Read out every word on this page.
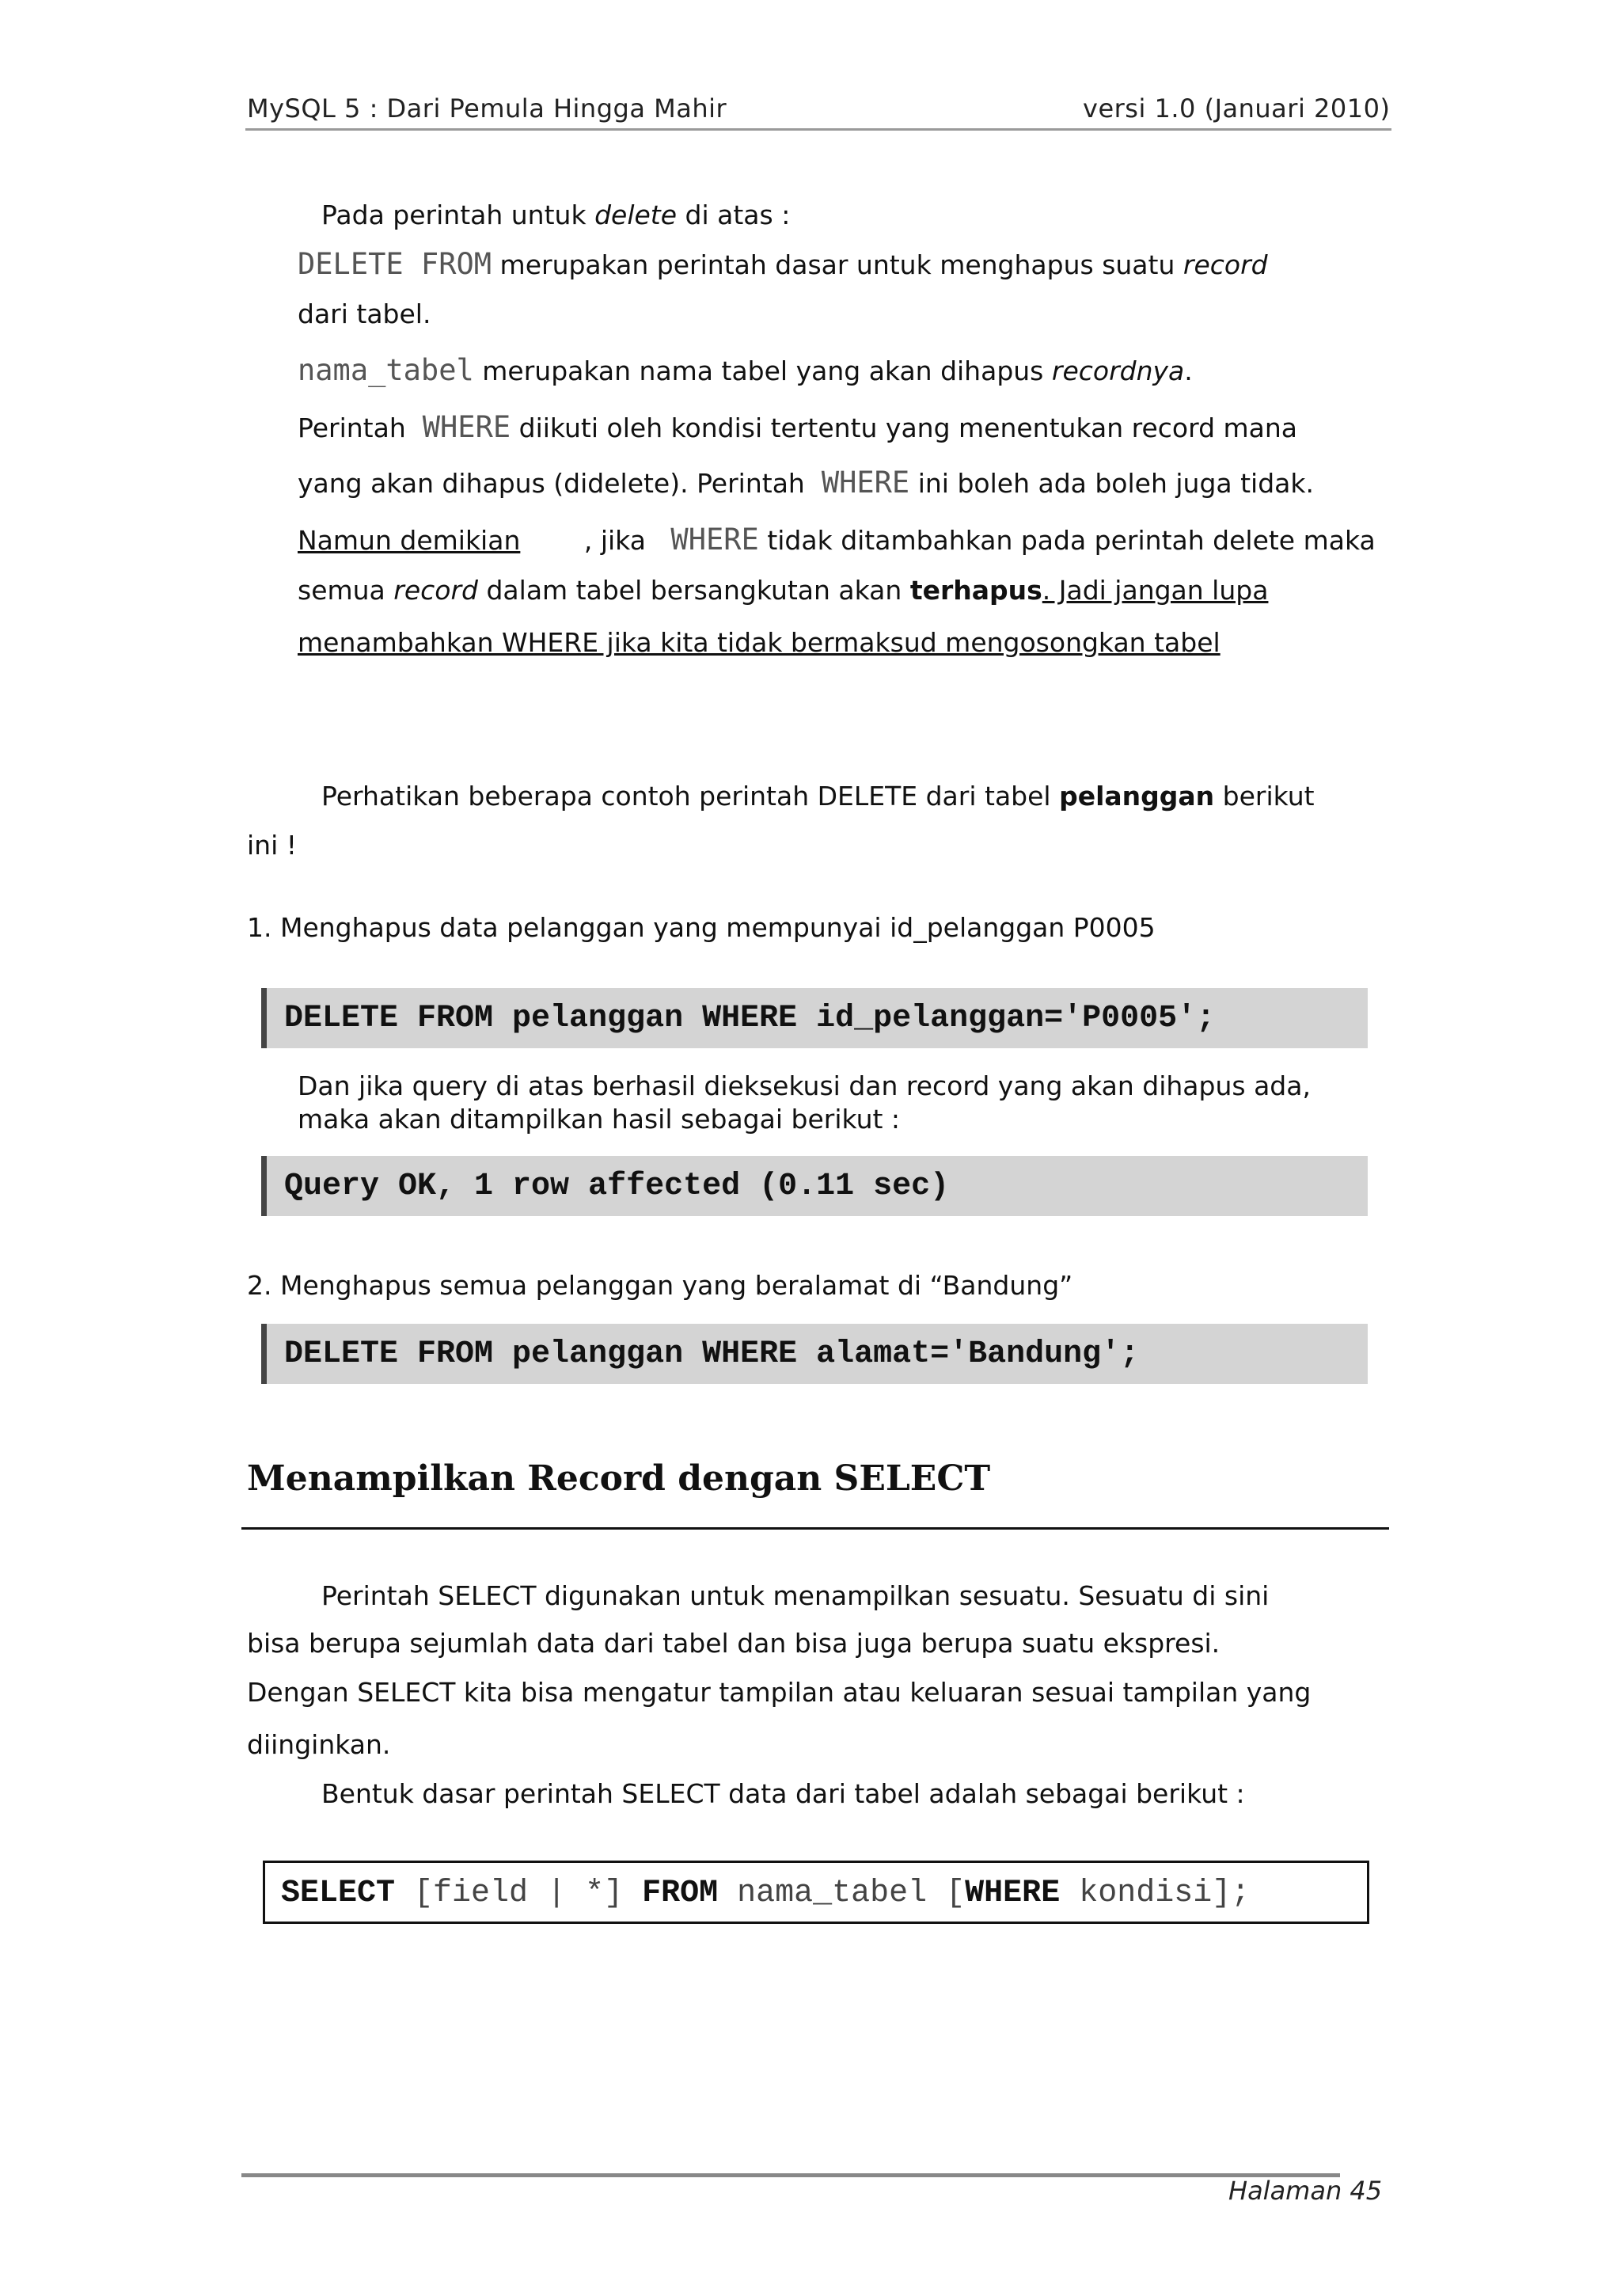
MySQL 5 : Dari Pemula Hingga Mahir	versi 1.0 (Januari 2010)
Pada perintah untuk delete di atas :
DELETE FROM merupakan perintah dasar untuk menghapus suatu record
dari tabel.
nama_tabel merupakan nama tabel yang akan dihapus recordnya.
Perintah WHERE diikuti oleh kondisi tertentu yang menentukan record mana
yang akan dihapus (didelete). Perintah WHERE ini boleh ada boleh juga tidak.
Namun demikian , jika WHERE tidak ditambahkan pada perintah delete maka
semua record dalam tabel bersangkutan akan terhapus. Jadi jangan lupa
menambahkan WHERE jika kita tidak bermaksud mengosongkan tabel
Perhatikan beberapa contoh perintah DELETE dari tabel pelanggan berikut
ini !
1. Menghapus data pelanggan yang mempunyai id_pelanggan P0005
DELETE FROM pelanggan WHERE id_pelanggan='P0005';
Dan jika query di atas berhasil dieksekusi dan record yang akan dihapus ada,
maka akan ditampilkan hasil sebagai berikut :
Query OK, 1 row affected (0.11 sec)
2. Menghapus semua pelanggan yang beralamat di “Bandung”
DELETE FROM pelanggan WHERE alamat='Bandung';
Menampilkan Record dengan SELECT
Perintah SELECT digunakan untuk menampilkan sesuatu. Sesuatu di sini
bisa berupa sejumlah data dari tabel dan bisa juga berupa suatu ekspresi.
Dengan SELECT kita bisa mengatur tampilan atau keluaran sesuai tampilan yang
diinginkan.
Bentuk dasar perintah SELECT data dari tabel adalah sebagai berikut :
SELECT [field | *] FROM nama_tabel [WHERE kondisi];
Halaman 45
